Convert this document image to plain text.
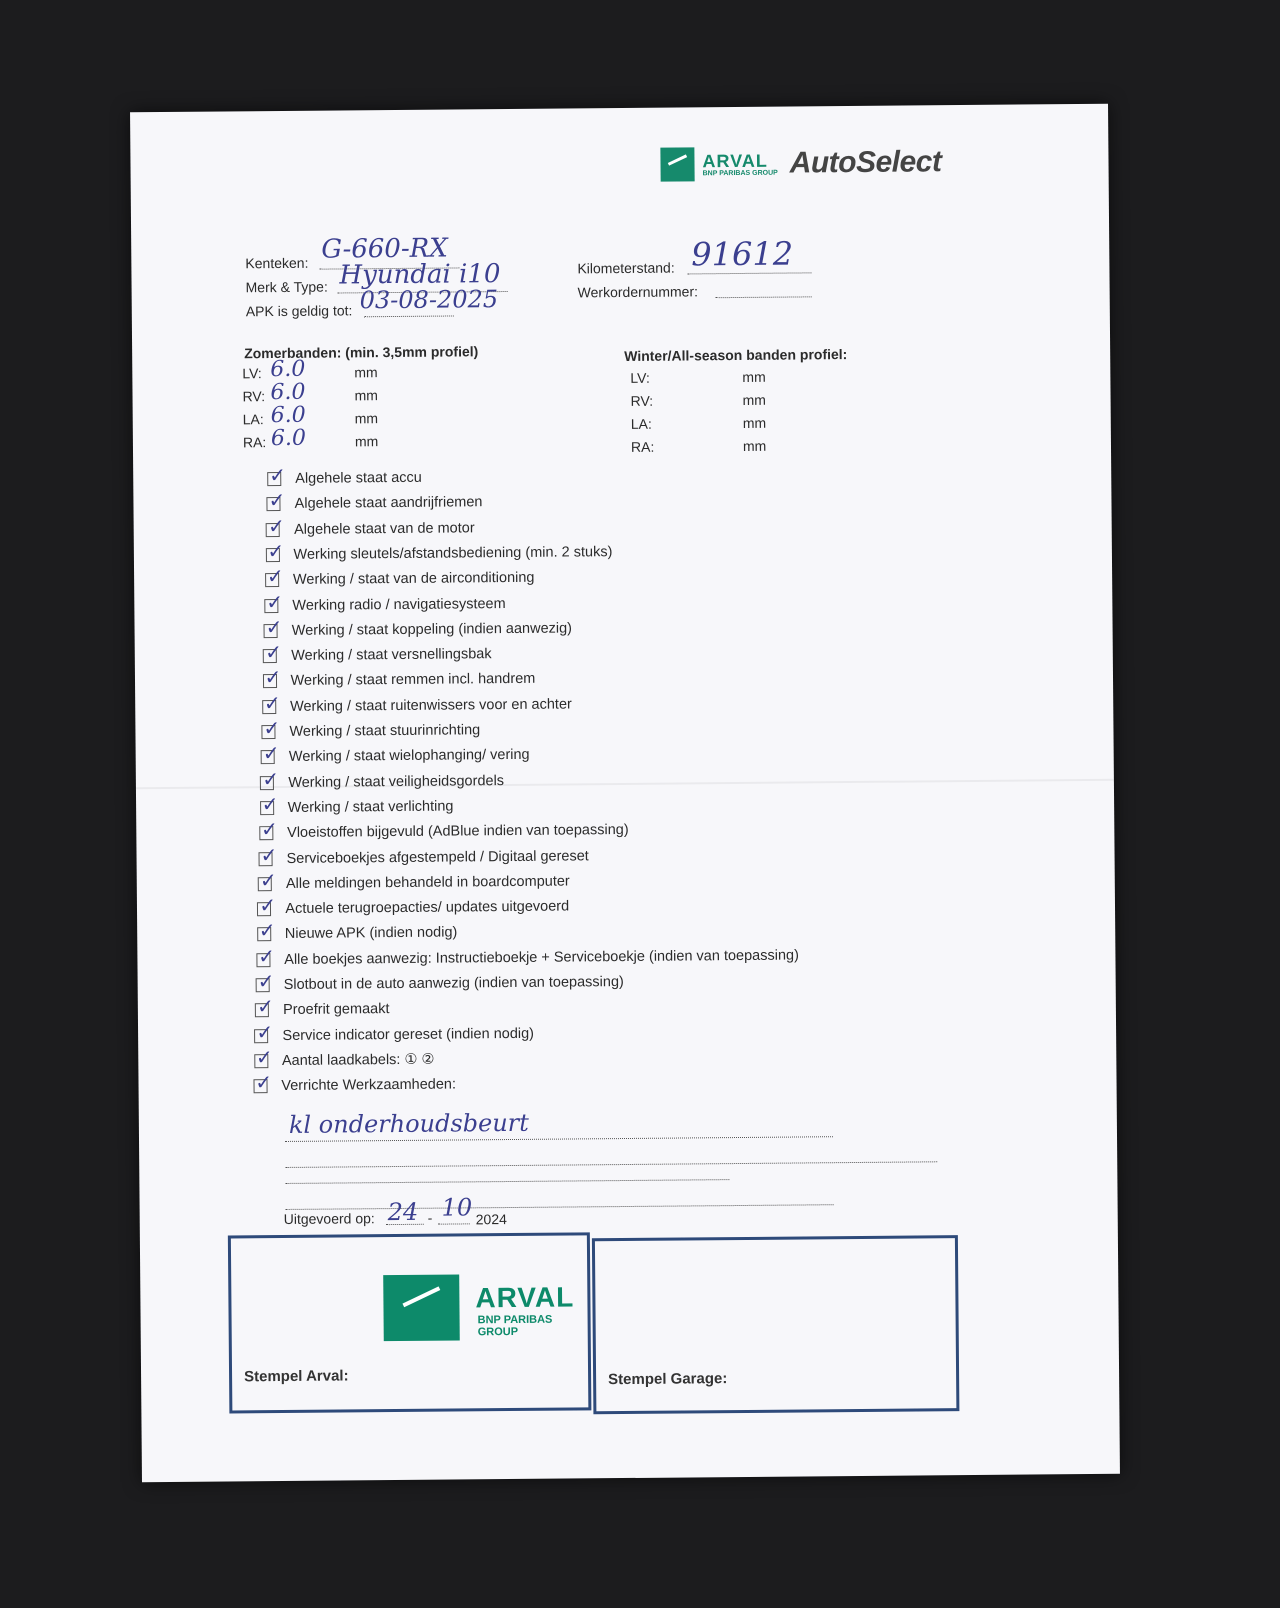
ARVAL
BNP PARIBAS GROUP AutoSelect
Kenteken: G-660-RX
Merk & Type: Hyundai i10
APK is geldig tot: 03-08-2025
Kilometerstand: 91612
Werkordernummer:
Zomerbanden: (min. 3,5mm profiel)
LV: 6.0	mm
RV: 6.0	mm
LA: 6.0	mm
RA: 6.0	mm
Winter/All-season banden profiel:
LV:	mm
RV:	mm
LA:	mm
RA:	mm
✓ Algehele staat accu
✓ Algehele staat aandrijfriemen
✓ Algehele staat van de motor
✓ Werking sleutels/afstandsbediening (min. 2 stuks)
✓ Werking / staat van de airconditioning
✓ Werking radio / navigatiesysteem
✓ Werking / staat koppeling (indien aanwezig)
✓ Werking / staat versnellingsbak
✓ Werking / staat remmen incl. handrem
✓ Werking / staat ruitenwissers voor en achter
✓ Werking / staat stuurinrichting
✓ Werking / staat wielophanging/ vering
✓ Werking / staat veiligheidsgordels
✓ Werking / staat verlichting
✓ Vloeistoffen bijgevuld (AdBlue indien van toepassing)
✓ Serviceboekjes afgestempeld / Digitaal gereset
✓ Alle meldingen behandeld in boardcomputer
✓ Actuele terugroepacties/ updates uitgevoerd
✓ Nieuwe APK (indien nodig)
✓ Alle boekjes aanwezig: Instructieboekje + Serviceboekje (indien van toepassing)
✓ Slotbout in de auto aanwezig (indien van toepassing)
✓ Proefrit gemaakt
✓ Service indicator gereset (indien nodig)
✓ Aantal laadkabels: ① ②
✓ Verrichte Werkzaamheden:
kl onderhoudsbeurt
Uitgevoerd op: 24 - 10 2024
ARVAL
BNP PARIBAS GROUP
Stempel Arval:	Stempel Garage:
